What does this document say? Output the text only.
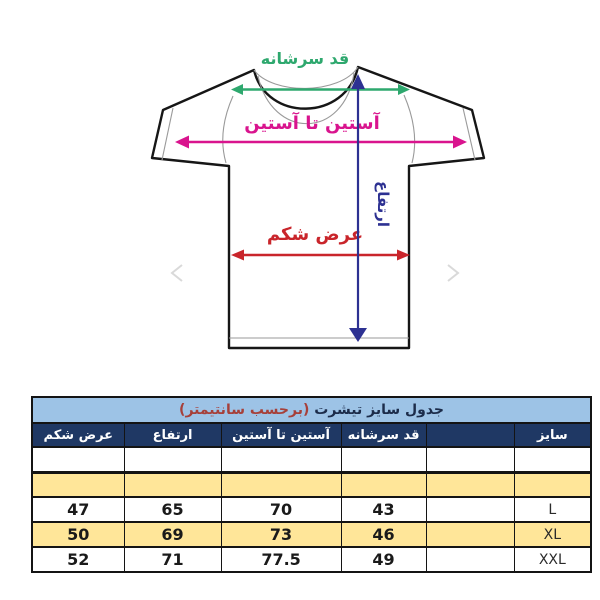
قد سرشانه
آستین تا آستین
عرض شکم
ارتفاع
جدول سایز تیشرت (برحسب سانتیمتر)					
سایز		قد سرشانه	آستین تا آستین	ارتفاع	عرض شکم

L		43	70	65	47
XL		46	73	69	50
XXL		49	77.5	71	52
